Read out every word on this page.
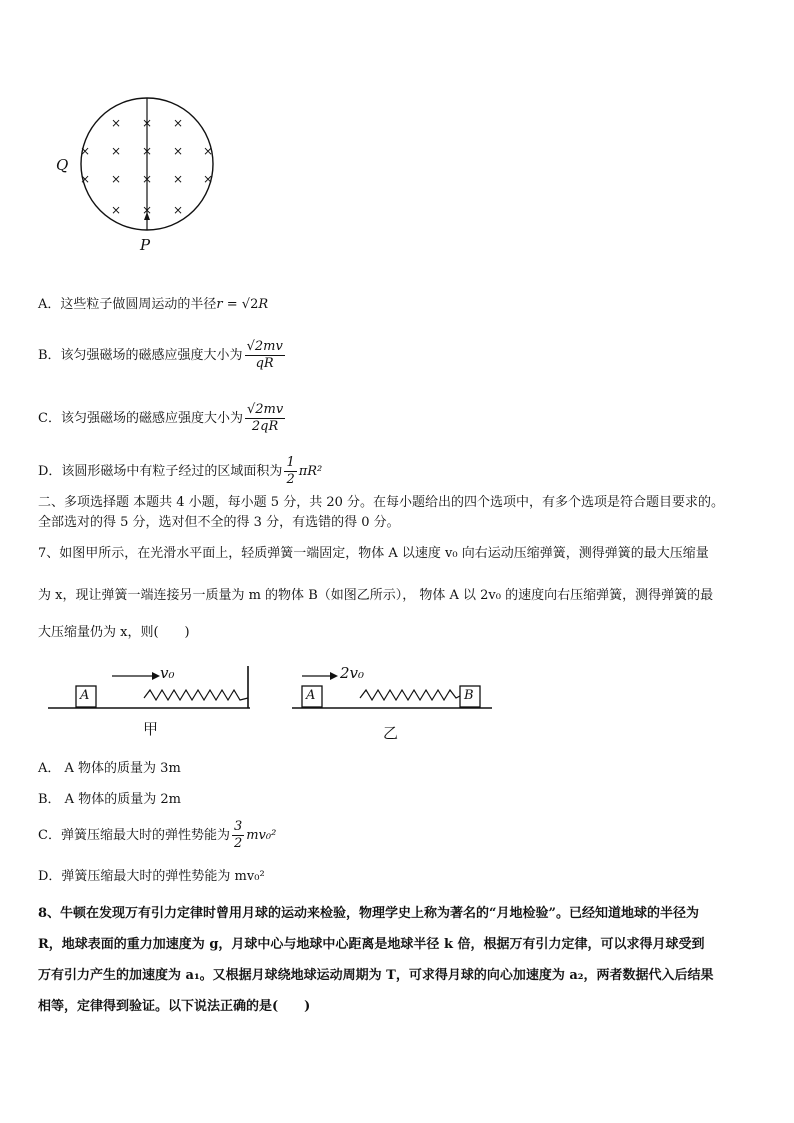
× × ×
× × × × ×
× × × × ×
× × ×
Q
P
A．这些粒子做圆周运动的半径r = √2R
B．该匀强磁场的磁感应强度大小为 $\frac{√2mv}{qR}$
C．该匀强磁场的磁感应强度大小为 $\frac{√2mv}{2qR}$
D．该圆形磁场中有粒子经过的区域面积为 $\frac{1}{2} \pi R^2$
二、多项选择题 本题共 4 小题，每小题 5 分，共 20 分。在每小题给出的四个选项中，有多个选项是符合题目要求的。
全部选对的得 5 分，选对但不全的得 3 分，有选错的得 0 分。
7、如图甲所示，在光滑水平面上，轻质弹簧一端固定，物体 A 以速度 v₀ 向右运动压缩弹簧，测得弹簧的最大压缩量
为 x，现让弹簧一端连接另一质量为 m 的物体 B（如图乙所示）， 物体 A 以 2v₀ 的速度向右压缩弹簧，测得弹簧的最
大压缩量仍为 x，则(　　)
A
v₀
甲
A	B
2v₀
乙
A． A 物体的质量为 3m
B． A 物体的质量为 2m
C．弹簧压缩最大时的弹性势能为 $\frac{3}{2} mv_0^2$
D．弹簧压缩最大时的弹性势能为 mv₀²
8、牛顿在发现万有引力定律时曾用月球的运动来检验，物理学史上称为著名的“月地检验”。已经知道地球的半径为
R，地球表面的重力加速度为 g，月球中心与地球中心距离是地球半径 k 倍，根据万有引力定律，可以求得月球受到
万有引力产生的加速度为 a₁。又根据月球绕地球运动周期为 T，可求得月球的向心加速度为 a₂，两者数据代入后结果
相等，定律得到验证。以下说法正确的是(　　)
